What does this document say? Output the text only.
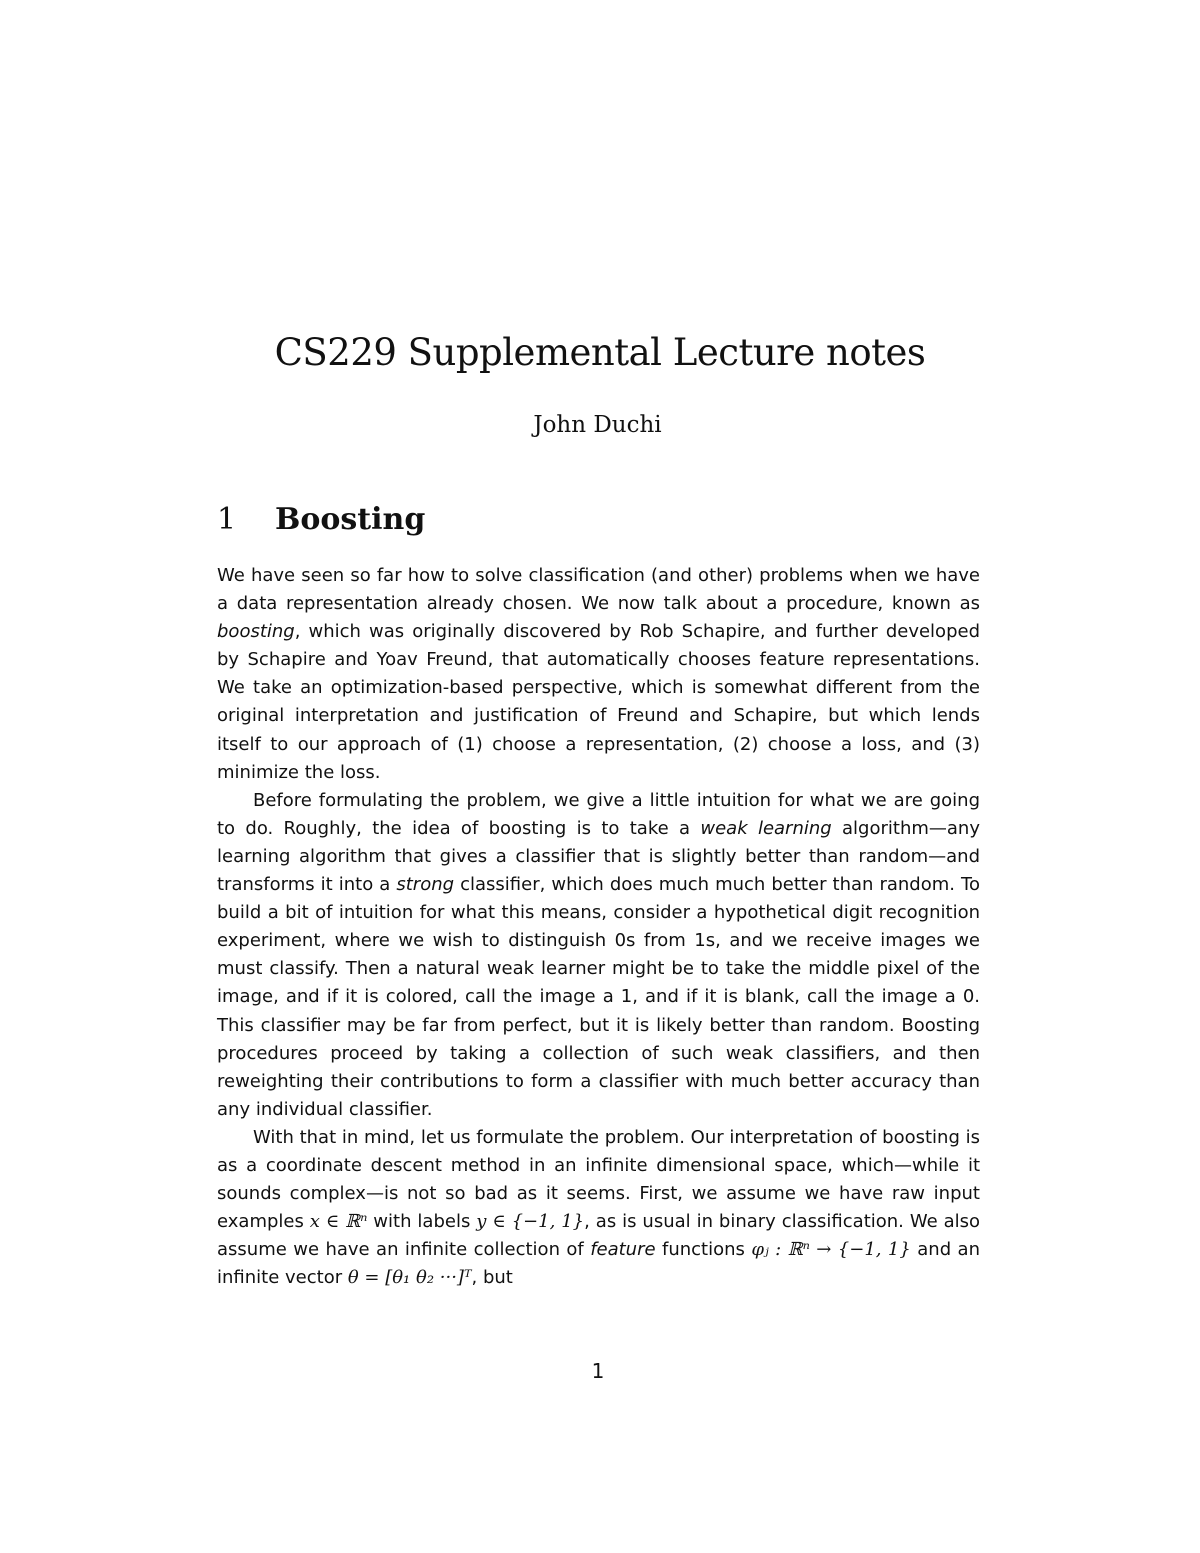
CS229 Supplemental Lecture notes
John Duchi
1 Boosting

We have seen so far how to solve classification (and other) problems when we have a data representation already chosen. We now talk about a procedure, known as boosting, which was originally discovered by Rob Schapire, and further developed by Schapire and Yoav Freund, that automatically chooses feature representations. We take an optimization-based perspective, which is somewhat different from the original interpretation and justification of Freund and Schapire, but which lends itself to our approach of (1) choose a representation, (2) choose a loss, and (3) minimize the loss.

Before formulating the problem, we give a little intuition for what we are going to do. Roughly, the idea of boosting is to take a weak learning algorithm—any learning algorithm that gives a classifier that is slightly better than random—and transforms it into a strong classifier, which does much much better than random. To build a bit of intuition for what this means, consider a hypothetical digit recognition experiment, where we wish to distinguish 0s from 1s, and we receive images we must classify. Then a natural weak learner might be to take the middle pixel of the image, and if it is colored, call the image a 1, and if it is blank, call the image a 0. This classifier may be far from perfect, but it is likely better than random. Boosting procedures proceed by taking a collection of such weak classifiers, and then reweighting their contributions to form a classifier with much better accuracy than any individual classifier.

With that in mind, let us formulate the problem. Our interpretation of boosting is as a coordinate descent method in an infinite dimensional space, which—while it sounds complex—is not so bad as it seems. First, we assume we have raw input examples x ∈ ℝⁿ with labels y ∈ {−1, 1}, as is usual in binary classification. We also assume we have an infinite collection of feature functions φⱼ : ℝⁿ → {−1, 1} and an infinite vector θ = [θ₁ θ₂ ···]ᵀ, but

1
